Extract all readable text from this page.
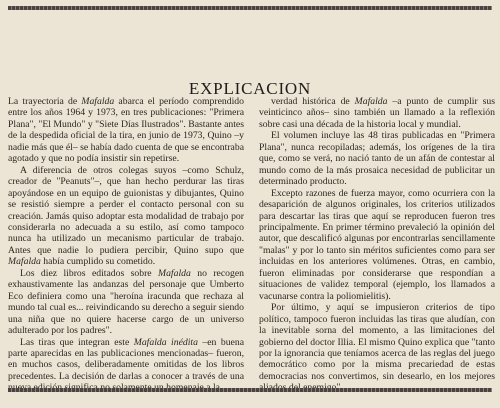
EXPLICACION

La trayectoria de Mafalda abarca el período comprendido entre los años 1964 y 1973, en tres publicaciones: "Primera Plana", "El Mundo" y "Siete Días Ilustrados". Bastante antes de la despedida oficial de la tira, en junio de 1973, Quino –y nadie más que él– se había dado cuenta de que se encontraba agotado y que no podía insistir sin repetirse.

A diferencia de otros colegas suyos –como Schulz, creador de "Peanuts"–, que han hecho perdurar las tiras apoyándose en un equipo de guionistas y dibujantes, Quino se resistió siempre a perder el contacto personal con su creación. Jamás quiso adoptar esta modalidad de trabajo por considerarla no adecuada a su estilo, así como tampoco nunca ha utilizado un mecanismo particular de trabajo. Antes que nadie lo pudiera percibir, Quino supo que Mafalda había cumplido su cometido.

Los diez libros editados sobre Mafalda no recogen exhaustivamente las andanzas del personaje que Umberto Eco definiera como una "heroína iracunda que rechaza al mundo tal cual es... reivindicando su derecho a seguir siendo una niña que no quiere hacerse cargo de un universo adulterado por los padres".

Las tiras que integran este Mafalda inédita –en buena parte aparecidas en las publicaciones mencionadas– fueron, en muchos casos, deliberadamente omitidas de los libros precedentes. La decisión de darlas a conocer a través de una

verdad histórica de Mafalda –a punto de cumplir sus veinticinco años– sino también un llamado a la reflexión sobre casi una década de la historia local y mundial.

El volumen incluye las 48 tiras publicadas en "Primera Plana", nunca recopiladas; además, los orígenes de la tira que, como se verá, no nació tanto de un afán de contestar al mundo como de la más prosaica necesidad de publicitar un determinado producto.

Excepto razones de fuerza mayor, como ocurriera con la desaparición de algunos originales, los criterios utilizados para descartar las tiras que aquí se reproducen fueron tres principalmente. En primer término prevaleció la opinión del autor, que descalificó algunas por encontrarlas sencillamente "malas" y por lo tanto sin méritos suficientes como para ser incluidas en los anteriores volúmenes. Otras, en cambio, fueron eliminadas por considerarse que respondían a situaciones de validez temporal (ejemplo, los llamados a vacunarse contra la poliomielitis).

Por último, y aquí se impusieron criterios de tipo político, tampoco fueron incluidas las tiras que aludían, con la inevitable sorna del momento, a las limitaciones del gobierno del doctor Illia. El mismo Quino explica que "tanto por la ignorancia que teníamos acerca de las reglas del juego democrático como por la misma precariedad de estas democracias nos convertimos, sin desearlo, en los mejores
